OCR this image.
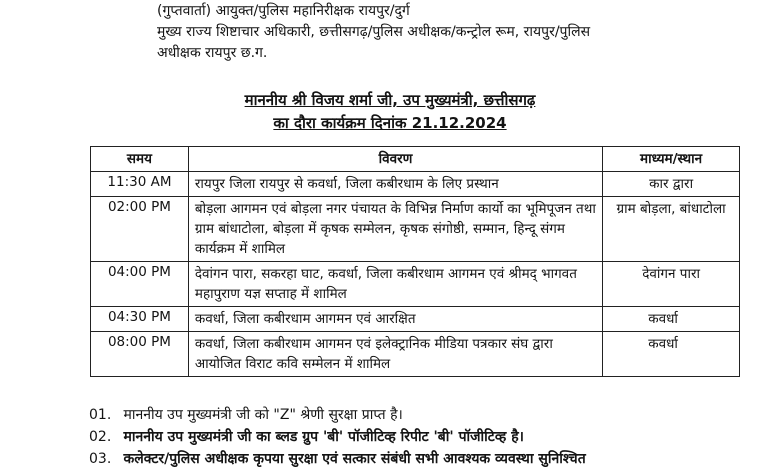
(गुप्तवार्ता) आयुक्त/पुलिस महानिरीक्षक रायपुर/दुर्ग
मुख्य राज्य शिष्टाचार अधिकारी, छत्तीसगढ़/पुलिस अधीक्षक/कन्ट्रोल रूम, रायपुर/पुलिस
अधीक्षक रायपुर छ.ग.
माननीय श्री विजय शर्मा जी, उप मुख्यमंत्री, छत्तीसगढ़
का दौरा कार्यक्रम दिनांक 21.12.2024
समय	विवरण	माध्यम/स्थान
11:30 AM	रायपुर जिला रायपुर से कवर्धा, जिला कबीरधाम के लिए प्रस्थान	कार द्वारा
02:00 PM	बोड़ला आगमन एवं बोड़ला नगर पंचायत के विभिन्न निर्माण कार्यो का भूमिपूजन तथा ग्राम बांधाटोला, बोड़ला में कृषक सम्मेलन, कृषक संगोष्ठी, सम्मान, हिन्दू संगम कार्यक्रम में शामिल	ग्राम बोड़ला, बांधाटोला
04:00 PM	देवांगन पारा, सकरहा घाट, कवर्धा, जिला कबीरधाम आगमन एवं श्रीमद् भागवत महापुराण यज्ञ सप्ताह में शामिल	देवांगन पारा
04:30 PM	कवर्धा, जिला कबीरधाम आगमन एवं आरक्षित	कवर्धा
08:00 PM	कवर्धा, जिला कबीरधाम आगमन एवं इलेक्ट्रानिक मीडिया पत्रकार संघ द्वारा आयोजित विराट कवि सम्मेलन में शामिल	कवर्धा
01. माननीय उप मुख्यमंत्री जी को "Z" श्रेणी सुरक्षा प्राप्त है।
02. माननीय उप मुख्यमंत्री जी का ब्लड ग्रुप 'बी' पॉजीटिव्ह रिपीट 'बी' पॉजीटिव्ह है।
03. कलेक्टर/पुलिस अधीक्षक कृपया सुरक्षा एवं सत्कार संबंधी सभी आवश्यक व्यवस्था सुनिश्चित
